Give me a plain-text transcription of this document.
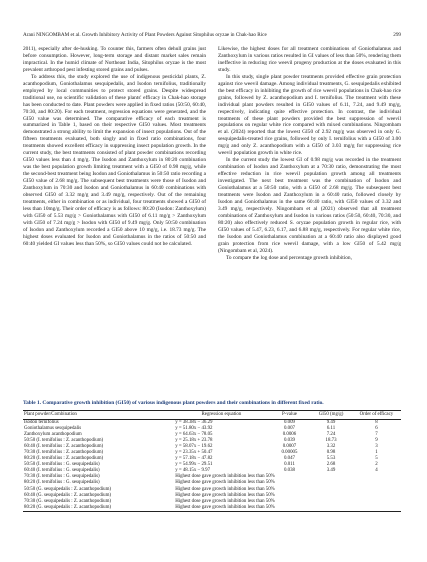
Arani NINGOMBAM et al. Growth Inhibitory Activity of Plant Powders Against Sitophilus oryzae in Chak-hao Rice	299

2011), especially after de-husking. To counter this, farmers often dehull grains just before consumption. However, long-term storage and distant market sales remain impractical. In the humid climate of Northeast India, Sitophilus oryzae is the most prevalent arthropod pest infesting stored grains and pulses.

To address this, the study explored the use of indigenous pesticidal plants, Z. acanthopodium, Goniothalamus sesquipedalis, and Isodon ternifolius, traditionally employed by local communities to protect stored grains. Despite widespread traditional use, no scientific validation of these plants' efficacy in Chak-hao storage has been conducted to date. Plant powders were applied in fixed ratios (50:50, 60:40, 70:30, and 80:20). For each treatment, regression equations were generated, and the GI50 value was determined. The comparative efficacy of each treatment is summarized in Table 1, based on their respective GI50 values. Most treatments demonstrated a strong ability to limit the expansion of insect populations. Out of the fifteen treatments evaluated, both singly and in fixed ratio combinations, four treatments showed excellent efficacy in suppressing insect population growth. In the current study, the best treatments consisted of plant powder combinations recording GI50 values less than 4 mg/g. The Isodon and Zanthoxylum in 80:20 combination was the best population growth limiting treatment with a GI50 of 0.98 mg/g, while the second-best treatment being Isodon and Goniothalamus in 50:50 ratio recording a GI50 value of 2.68 mg/g. The subsequent best treatments were those of Isodon and Zanthoxylum in 70:30 and Isodon and Goniothalamus in 60:40 combinations with observed GI50 of 3.32 mg/g and 3.49 mg/g, respectively. Out of the remaining treatments, either in combination or as individual, four treatments showed a GI50 of less than 10mg/g. Their order of efficacy is as follows: 80:20 (Isodon: Zanthoxylum) with GI50 of 5.53 mg/g > Goniothalamus with GI50 of 6.11 mg/g > Zanthoxylum with GI50 of 7.24 mg/g > Isodon with GI50 of 9.49 mg/g. Only 50:50 combination of Isodon and Zanthoxylum recorded a GI50 above 10 mg/g, i.e. 18.73 mg/g. The highest doses evaluated for Isodon and Goniothalamus in the ratios of 50:50 and 60:40 yielded GI values less than 50%, so GI50 values could not be calculated.

Likewise, the highest doses for all treatment combinations of Goniothalamus and Zanthoxylum in various ratios resulted in GI values of less than 50%, rendering them ineffective in reducing rice weevil progeny production at the doses evaluated in this study.

In this study, single plant powder treatments provided effective grain protection against rice weevil damage. Among individual treatments, G. sesquipedalis exhibited the best efficacy in inhibiting the growth of rice weevil populations in Chak-hao rice grains, followed by Z. acanthopodium and I. ternifolius. The treatment with these individual plant powders resulted in GI50 values of 6.11, 7.24, and 9.49 mg/g, respectively, indicating quite effective protection. In contrast, the individual treatments of these plant powders provided the best suppression of weevil populations on regular white rice compared with mixed combinations. Ningombam et al. (2024) reported that the lowest GI50 of 2.92 mg/g was observed in only G. sesquipedalis-treated rice grains, followed by only I. ternifolius with a GI50 of 3.00 mg/g and only Z. acanthopodium with a GI50 of 3.03 mg/g for suppressing rice weevil population growth in white rice.

In the current study the lowest GI of 0.98 mg/g was recorded in the treatment combination of Isodon and Zanthoxylum at a 70:30 ratio, demonstrating the most effective reduction in rice weevil population growth among all treatments investigated. The next best treatment was the combination of Isodon and Goniothalamus at a 50:50 ratio, with a GI50 of 2.68 mg/g. The subsequent best treatments were Isodon and Zanthoxylum in a 60:40 ratio, followed closely by Isodon and Goniothalamus in the same 60:40 ratio, with GI50 values of 3.32 and 3.49 mg/g, respectively. Ningombam et al (2021) observed that all treatment combinations of Zanthoxylum and Isodon in various ratios (50:50, 60:40, 70:30, and 80:20) also effectively reduced S. oryzae population growth in regular rice, with GI50 values of 5.47, 6.23, 6.17, and 6.88 mg/g, respectively. For regular white rice, the Isodon and Goniothalamus combination at a 60:40 ratio also displayed good grain protection from rice weevil damage, with a low GI50 of 5.42 mg/g (Ningombam et al, 2024).

To compare the log dose and percentage growth inhibition,

Table 1. Comparative growth inhibition (GI50) of various indigenous plant powders and their combinations in different fixed ratio.
Plant powder/Combination	Regression equation	P-value	GI50 (mg/g)	Order of efficacy
Isodon ternifolius	y = 38.38x − 36.29	0.009	9.49	8
Goniothalamus sesquipedalis	y = 51.80x − 43.92	0.007	6.11	6
Zanthoxylum acanthopodium	y = 64.63x − 78.05	0.0006	7.24	7
50:50 (I. ternifolius : Z. acanthopodium)	y = 25.18x + 23.78	0.039	18.73	9
60:40 (I. ternifolius : Z. acanthopodium)	y = 58.07x − 19.62	0.0007	3.32	3
70:30 (I. ternifolius : Z. acanthopodium)	y = 23.35x + 50.47	0.00005	0.98	1
80:20 (I. ternifolius : Z. acanthopodium)	y = 57.18x − 47.82	0.047	5.53	5
50:50 (I. ternifolius : G. sesquipedalis)	y = 54.99x − 29.51	0.011	2.68	2
60:40 (I. ternifolius : G. sesquipedalis)	y = 48.15x − 9.97	0.038	3.49	4
70:30 (I. ternifolius : G. sesquipedalis)	Highest dose gave growth inhibition less than 50%			
80:20 (I. ternifolius : G. sesquipedalis)	Highest dose gave growth inhibition less than 50%			
50:50 (G. sesquipedalis : Z. acanthopodium)	Highest dose gave growth inhibition less than 50%			
60:40 (G. sesquipedalis : Z. acanthopodium)	Highest dose gave growth inhibition less than 50%			
70:30 (G. sesquipedalis : Z. acanthopodium)	Highest dose gave growth inhibition less than 50%			
80:20 (G. sesquipedalis : Z. acanthopodium)	Highest dose gave growth inhibition less than 50%			
